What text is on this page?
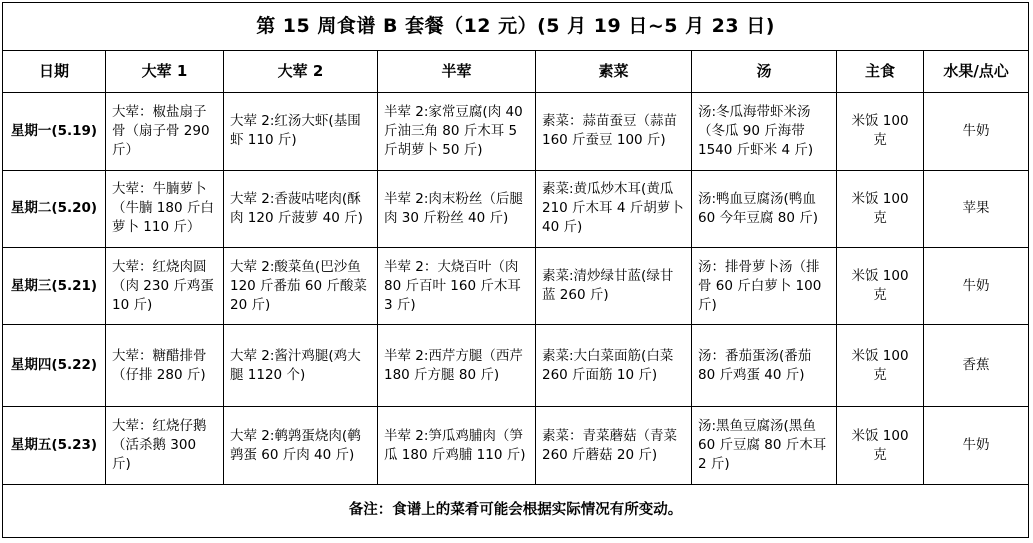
第 15 周食谱 B 套餐（12 元）(5 月 19 日~5 月 23 日)							
日期	大荤 1	大荤 2	半荤	素菜	汤	主食	水果/点心
星期一(5.19)	大荤：椒盐扇子骨（扇子骨 290 斤）	大荤 2:红汤大虾(基围虾 110 斤)	半荤 2:家常豆腐(肉 40 斤油三角 80 斤木耳 5 斤胡萝卜 50 斤)	素菜：蒜苗蚕豆（蒜苗 160 斤蚕豆 100 斤)	汤:冬瓜海带虾米汤（冬瓜 90 斤海带 1540 斤虾米 4 斤)	米饭 100 克	牛奶
星期二(5.20)	大荤：牛腩萝卜（牛腩 180 斤白萝卜 110 斤）	大荤 2:香菠咕咾肉(酥肉 120 斤菠萝 40 斤)	半荤 2:肉末粉丝（后腿肉 30 斤粉丝 40 斤)	素菜:黄瓜炒木耳(黄瓜 210 斤木耳 4 斤胡萝卜 40 斤)	汤:鸭血豆腐汤(鸭血 60 今年豆腐 80 斤)	米饭 100 克	苹果
星期三(5.21)	大荤：红烧肉圆（肉 230 斤鸡蛋 10 斤)	大荤 2:酸菜鱼(巴沙鱼 120 斤番茄 60 斤酸菜 20 斤)	半荤 2：大烧百叶（肉 80 斤百叶 160 斤木耳 3 斤)	素菜:清炒绿甘蓝(绿甘蓝 260 斤)	汤：排骨萝卜汤（排骨 60 斤白萝卜 100 斤)	米饭 100 克	牛奶
星期四(5.22)	大荤：糖醋排骨（仔排 280 斤)	大荤 2:酱汁鸡腿(鸡大腿 1120 个)	半荤 2:西芹方腿（西芹 180 斤方腿 80 斤)	素菜:大白菜面筋(白菜 260 斤面筋 10 斤)	汤：番茄蛋汤(番茄 80 斤鸡蛋 40 斤)	米饭 100 克	香蕉
星期五(5.23)	大荤：红烧仔鹅（活杀鹅 300 斤)	大荤 2:鹌鹑蛋烧肉(鹌鹑蛋 60 斤肉 40 斤)	半荤 2:笋瓜鸡脯肉（笋瓜 180 斤鸡脯 110 斤)	素菜：青菜蘑菇（青菜 260 斤蘑菇 20 斤)	汤:黑鱼豆腐汤(黑鱼 60 斤豆腐 80 斤木耳 2 斤)	米饭 100 克	牛奶
备注：食谱上的菜肴可能会根据实际情况有所变动。							
